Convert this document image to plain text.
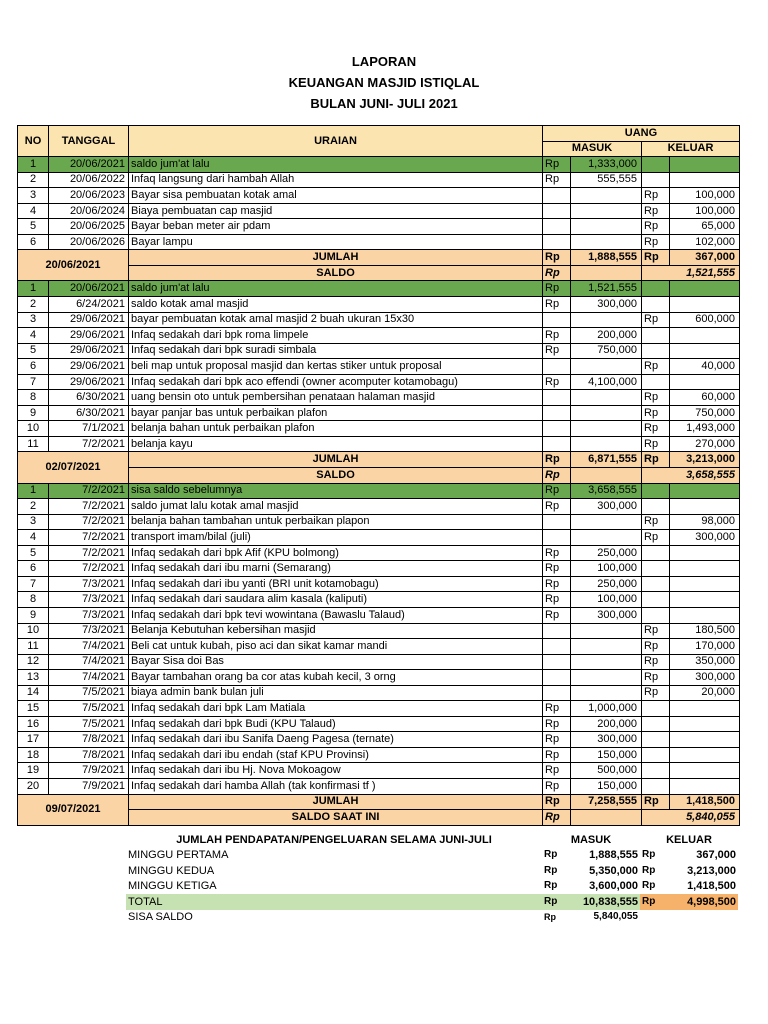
LAPORAN
KEUANGAN MASJID ISTIQLAL
BULAN JUNI- JULI 2021
NO	TANGGAL	URAIAN	UANG			
			MASUK		KELUAR	
1	20/06/2021	saldo jum'at lalu	Rp	1,333,000		
2	20/06/2022	Infaq langsung dari hambah Allah	Rp	555,555		
3	20/06/2023	Bayar sisa pembuatan kotak amal			Rp	100,000
4	20/06/2024	Biaya pembuatan cap masjid			Rp	100,000
5	20/06/2025	Bayar beban meter air pdam			Rp	65,000
6	20/06/2026	Bayar lampu			Rp	102,000
20/06/2021		JUMLAH	Rp	1,888,555	Rp	367,000
		SALDO	Rp		1,521,555	
1	20/06/2021	saldo jum'at lalu	Rp	1,521,555		
2	6/24/2021	saldo kotak amal masjid	Rp	300,000		
3	29/06/2021	bayar pembuatan kotak amal masjid 2 buah ukuran 15x30			Rp	600,000
4	29/06/2021	Infaq sedakah dari bpk roma limpele	Rp	200,000		
5	29/06/2021	Infaq sedakah dari bpk suradi simbala	Rp	750,000		
6	29/06/2021	beli map untuk proposal masjid dan kertas stiker untuk proposal			Rp	40,000
7	29/06/2021	Infaq sedakah dari bpk aco effendi (owner acomputer kotamobagu)	Rp	4,100,000		
8	6/30/2021	uang bensin oto untuk pembersihan penataan halaman masjid			Rp	60,000
9	6/30/2021	bayar panjar bas untuk perbaikan plafon			Rp	750,000
10	7/1/2021	belanja bahan untuk perbaikan plafon			Rp	1,493,000
11	7/2/2021	belanja kayu			Rp	270,000
02/07/2021		JUMLAH	Rp	6,871,555	Rp	3,213,000
		SALDO	Rp		3,658,555	
1	7/2/2021	sisa saldo sebelumnya	Rp	3,658,555		
2	7/2/2021	saldo jumat lalu kotak amal masjid	Rp	300,000		
3	7/2/2021	belanja bahan tambahan untuk perbaikan plapon			Rp	98,000
4	7/2/2021	transport imam/bilal (juli)			Rp	300,000
5	7/2/2021	Infaq sedakah dari bpk Afif (KPU bolmong)	Rp	250,000		
6	7/2/2021	Infaq sedakah dari ibu marni (Semarang)	Rp	100,000		
7	7/3/2021	Infaq sedakah dari ibu yanti (BRI unit kotamobagu)	Rp	250,000		
8	7/3/2021	Infaq sedakah dari saudara alim kasala (kaliputi)	Rp	100,000		
9	7/3/2021	Infaq sedakah dari bpk tevi wowintana (Bawaslu Talaud)	Rp	300,000		
10	7/3/2021	Belanja Kebutuhan kebersihan masjid			Rp	180,500
11	7/4/2021	Beli cat untuk kubah, piso aci dan sikat kamar mandi			Rp	170,000
12	7/4/2021	Bayar Sisa doi Bas			Rp	350,000
13	7/4/2021	Bayar tambahan orang ba cor atas kubah kecil, 3 orng			Rp	300,000
14	7/5/2021	biaya admin bank bulan juli			Rp	20,000
15	7/5/2021	Infaq sedakah dari bpk Lam Matiala	Rp	1,000,000		
16	7/5/2021	Infaq sedakah dari bpk Budi (KPU Talaud)	Rp	200,000		
17	7/8/2021	Infaq sedakah dari ibu Sanifa Daeng Pagesa (ternate)	Rp	300,000		
18	7/8/2021	Infaq sedakah dari ibu endah (staf KPU Provinsi)	Rp	150,000		
19	7/9/2021	Infaq sedakah dari ibu Hj. Nova Mokoagow	Rp	500,000		
20	7/9/2021	Infaq sedakah dari hamba Allah (tak konfirmasi tf )	Rp	150,000		
09/07/2021		JUMLAH	Rp	7,258,555	Rp	1,418,500
		SALDO SAAT INI	Rp		5,840,055	
JUMLAH PENDAPATAN/PENGELUARAN SELAMA JUNI-JULI	MASUK		KELUAR	
MINGGU PERTAMA	Rp	1,888,555	Rp	367,000
MINGGU KEDUA	Rp	5,350,000	Rp	3,213,000
MINGGU KETIGA	Rp	3,600,000	Rp	1,418,500
TOTAL	Rp	10,838,555	Rp	4,998,500
SISA SALDO	Rp	5,840,055		
